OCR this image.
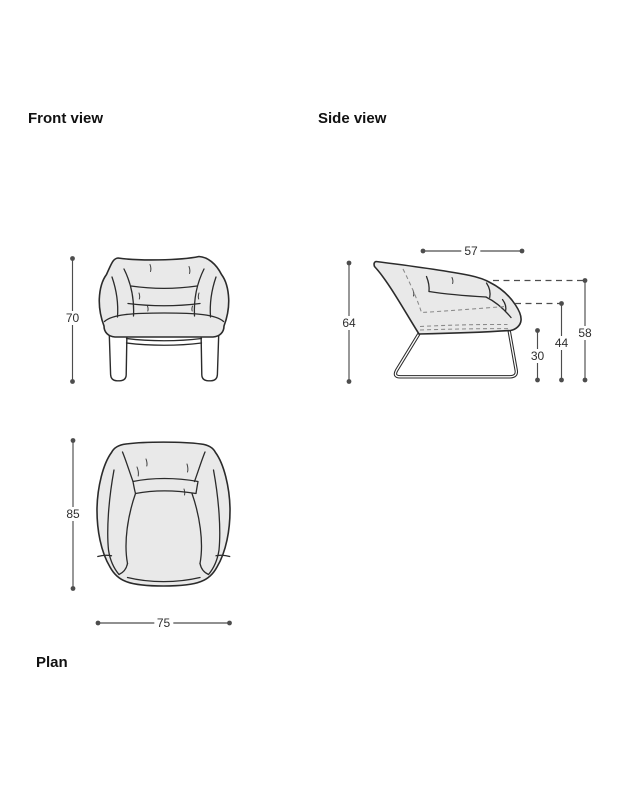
Front view	Side view
Plan
70
57
64
30
44
58
85
75
